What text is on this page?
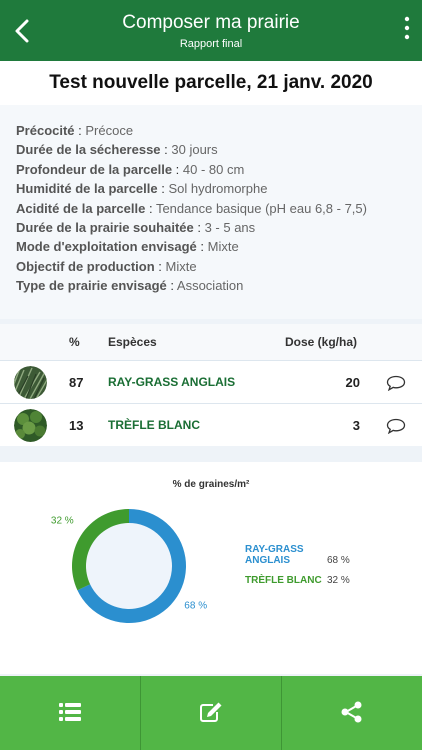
Composer ma prairie
Rapport final
Test nouvelle parcelle, 21 janv. 2020
Précocité : Précoce
Durée de la sécheresse : 30 jours
Profondeur de la parcelle : 40 - 80 cm
Humidité de la parcelle : Sol hydromorphe
Acidité de la parcelle : Tendance basique (pH eau 6,8 - 7,5)
Durée de la prairie souhaitée : 3 - 5 ans
Mode d'exploitation envisagé : Mixte
Objectif de production : Mixte
Type de prairie envisagé : Association
% Espèces	Dose (kg/ha)
87 RAY-GRASS ANGLAIS	20
13 TRÈFLE BLANC	3
% de graines/m²
68 %
32 %
RAY-GRASS ANGLAIS	68 %
TRÈFLE BLANC 32 %
